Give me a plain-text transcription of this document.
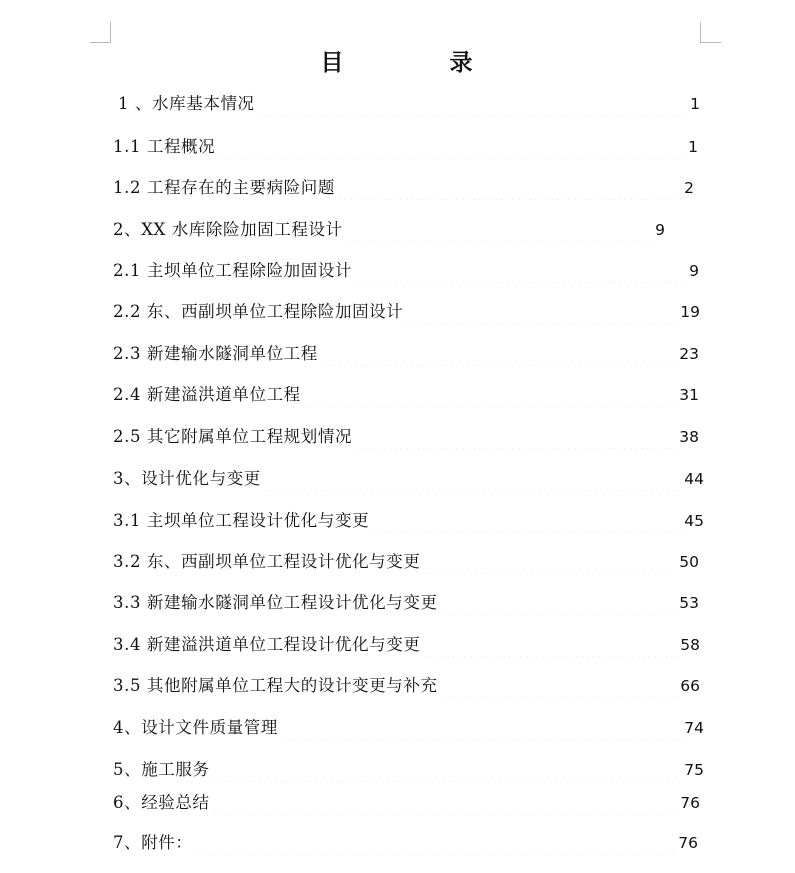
目	录
1 、水库基本情况	1
1.1 工程概况	1
1.2 工程存在的主要病险问题	2
2、XX 水库除险加固工程设计	9
2.1 主坝单位工程除险加固设计	9
2.2 东、西副坝单位工程除险加固设计	19
2.3 新建输水隧洞单位工程	23
2.4 新建溢洪道单位工程	31
2.5 其它附属单位工程规划情况	38
3、设计优化与变更	44
3.1 主坝单位工程设计优化与变更	45
3.2 东、西副坝单位工程设计优化与变更	50
3.3 新建输水隧洞单位工程设计优化与变更	53
3.4 新建溢洪道单位工程设计优化与变更	58
3.5 其他附属单位工程大的设计变更与补充	66
4、设计文件质量管理	74
5、施工服务	75
6、经验总结	76
7、附件：	76
